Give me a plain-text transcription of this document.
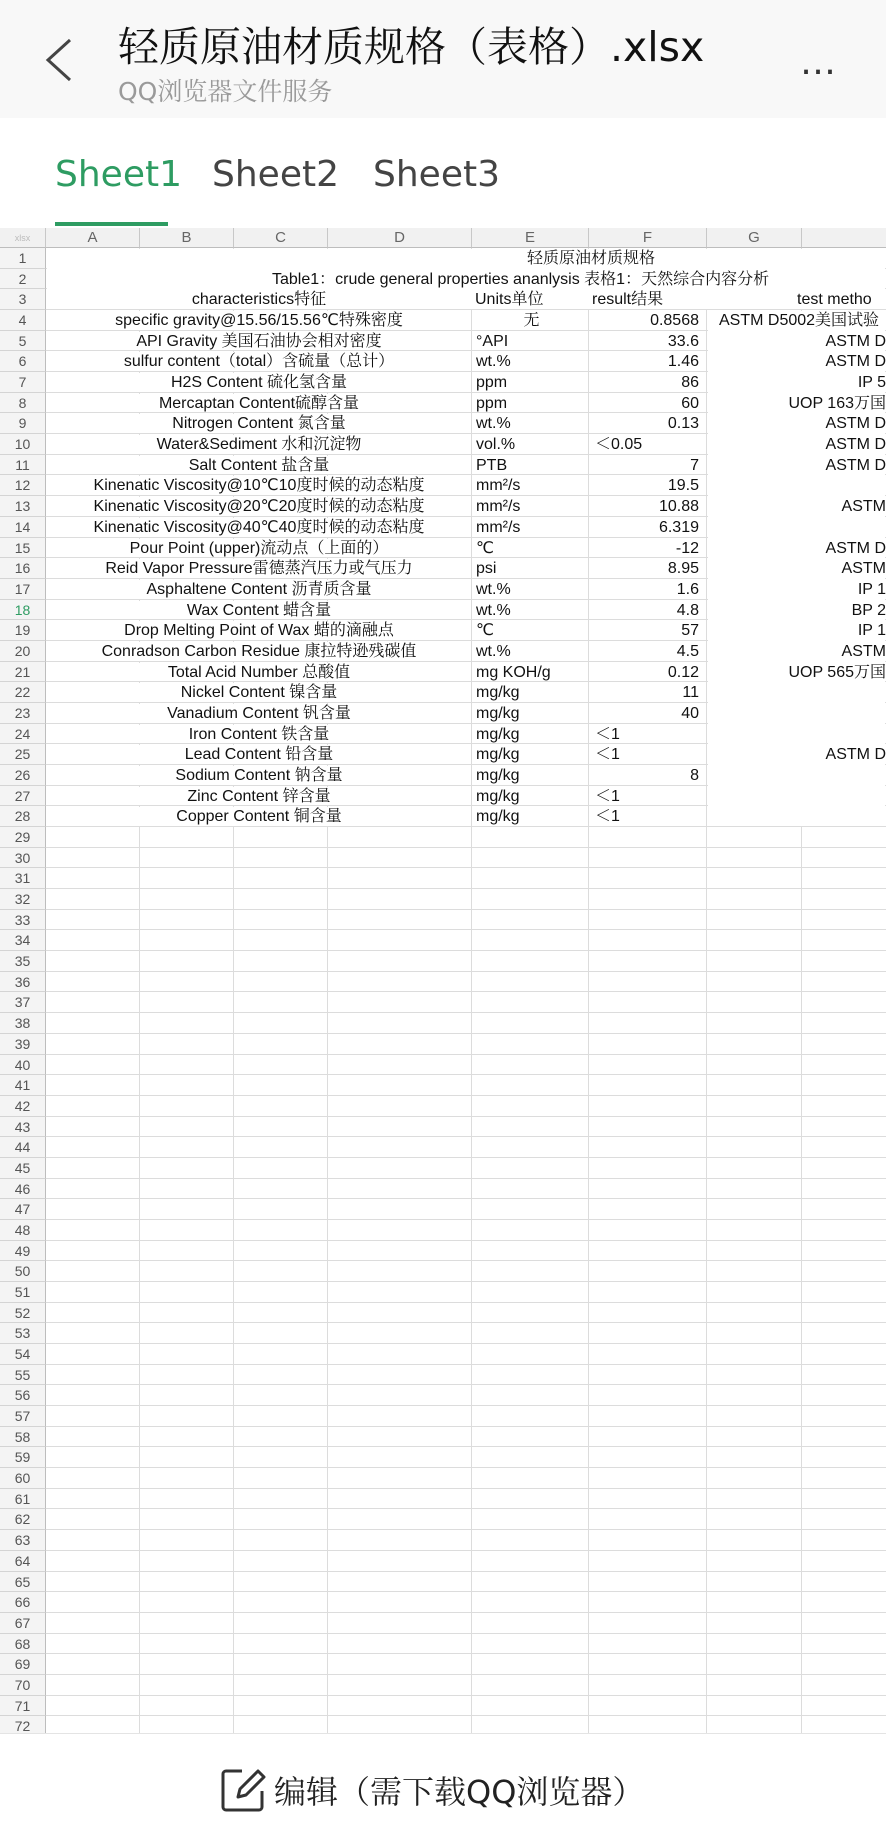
轻质原油材质规格（表格）.xlsx
QQ浏览器文件服务
…
Sheet1 Sheet2 Sheet3
xlsx	A	B	C	D	E	F	G
1
2
3
4
5
6
7
8
9
10
11
12
13
14
15
16
17
18
19
20
21
22
23
24
25
26
27
28
29
30
31
32
33
34
35
36
37
38
39
40
41
42
43
44
45
46
47
48
49
50
51
52
53
54
55
56
57
58
59
60
61
62
63
64
65
66
67
68
69
70
71
72
轻质原油材质规格
Table1：crude general properties ananlysis 表格1：天然综合内容分析
characteristics特征	Units单位	result结果	test metho
specific gravity@15.56/15.56℃特殊密度	无	0.8568 ASTM D5002美国试验
API Gravity 美国石油协会相对密度	°API	33.6	ASTM D
sulfur content（total）含硫量（总计）	wt.%	1.46	ASTM D
H2S Content 硫化氢含量	ppm	86	IP 5
Mercaptan Content硫醇含量	ppm	60	UOP 163万国
Nitrogen Content 氮含量	wt.%	0.13	ASTM D
Water&Sediment 水和沉淀物	vol.%	＜0.05	ASTM D
Salt Content 盐含量	PTB	7	ASTM D
Kinenatic Viscosity@10℃10度时候的动态粘度	mm²/s	19.5
Kinenatic Viscosity@20℃20度时候的动态粘度	mm²/s	10.88	ASTM
Kinenatic Viscosity@40℃40度时候的动态粘度	mm²/s	6.319
Pour Point (upper)流动点（上面的）	℃	-12	ASTM D
Reid Vapor Pressure雷德蒸汽压力或气压力	psi	8.95	ASTM
Asphaltene Content 沥青质含量	wt.%	1.6	IP 1
Wax Content 蜡含量	wt.%	4.8	BP 2
Drop Melting Point of Wax 蜡的滴融点	℃	57	IP 1
Conradson Carbon Residue 康拉特逊残碳值	wt.%	4.5	ASTM
Total Acid Number 总酸值	mg KOH/g	0.12	UOP 565万国
Nickel Content 镍含量	mg/kg	11
Vanadium Content 钒含量	mg/kg	40
Iron Content 铁含量	mg/kg	＜1
Lead Content 铅含量	mg/kg	＜1	ASTM D
Sodium Content 钠含量	mg/kg	8
Zinc Content 锌含量	mg/kg	＜1
Copper Content 铜含量	mg/kg	＜1
编辑（需下载QQ浏览器）
